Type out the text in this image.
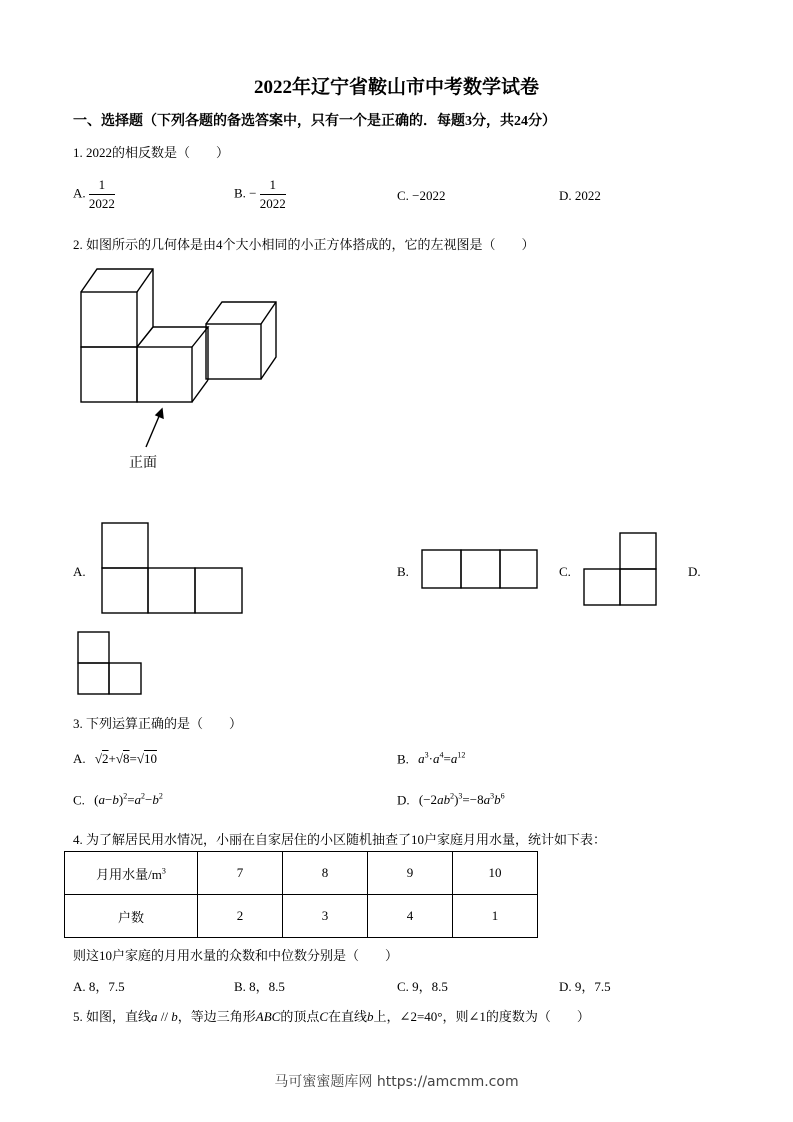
2022年辽宁省鞍山市中考数学试卷
一、选择题（下列各题的备选答案中，只有一个是正确的．每题3分，共24分）
1. 2022的相反数是（　　）
A. $\frac{1}{2022}$	B. − $\frac{1}{2022}$	C. −2022	D. 2022
2. 如图所示的几何体是由4个大小相同的小正方体搭成的，它的左视图是（　　）
正面
A.	B.	C.	D.
3. 下列运算正确的是（　　）
A. √2+√8=√10	B. $a^3\cdot a^4=a^{12}$
C. $(a-b)^2=a^2-b^2$	D. $(-2ab^2)^3=-8a^3b^6$
4. 为了解居民用水情况，小丽在自家居住的小区随机抽查了10户家庭月用水量，统计如下表：
月用水量$/m^3$	7	8	9	10
户数	2	3	4	1
则这10户家庭的月用水量的众数和中位数分别是（　　）
A. 8，7.5	B. 8，8.5	C. 9，8.5	D. 9，7.5
5. 如图，直线a // b，等边三角形ABC的顶点C在直线b上，∠2=40°，则∠1的度数为（　　）
马可蜜蜜题库网 https://amcmm.com
